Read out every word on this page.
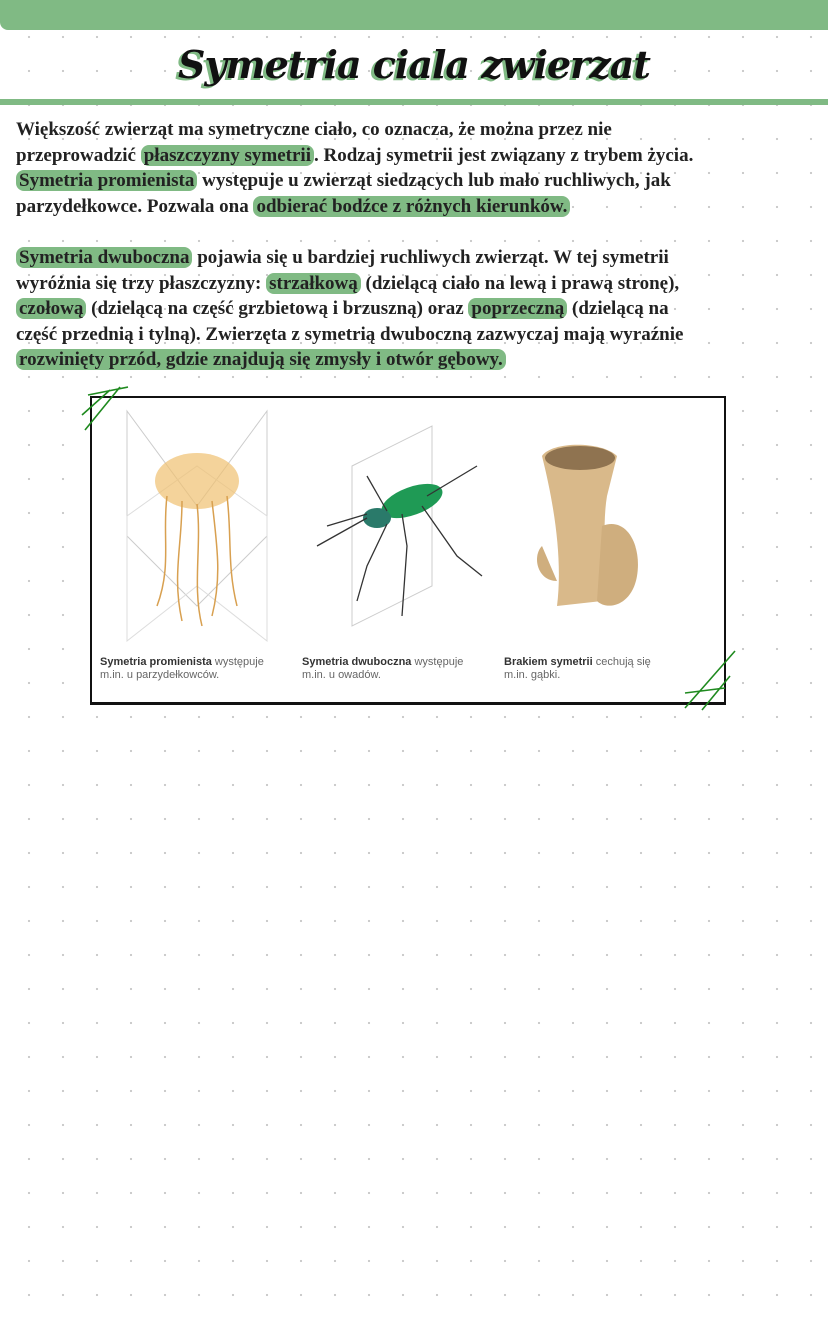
Symetria ciala zwierzat
Większość zwierząt ma symetryczne ciało, co oznacza, że można przez nie
przeprowadzić płaszczyzny symetrii . Rodzaj symetrii jest związany z trybem życia.
Symetria promienista występuje u zwierząt siedzących lub mało ruchliwych, jak
parzydełkowce. Pozwala ona odbierać bodźce z różnych kierunków.
Symetria dwuboczna pojawia się u bardziej ruchliwych zwierząt. W tej symetrii
wyróżnia się trzy płaszczyzny: strzałkową (dzielącą ciało na lewą i prawą stronę),
czołową (dzielącą na część grzbietową i brzuszną) oraz poprzeczną (dzielącą na
część przednią i tylną). Zwierzęta z symetrią dwuboczną zazwyczaj mają wyraźnie
rozwinięty przód, gdzie znajdują się zmysły i otwór gębowy.
Symetria promienista występuje
m.in. u parzydełkowców.
Symetria dwuboczna występuje
m.in. u owadów.
Brakiem symetrii cechują się
m.in. gąbki.
